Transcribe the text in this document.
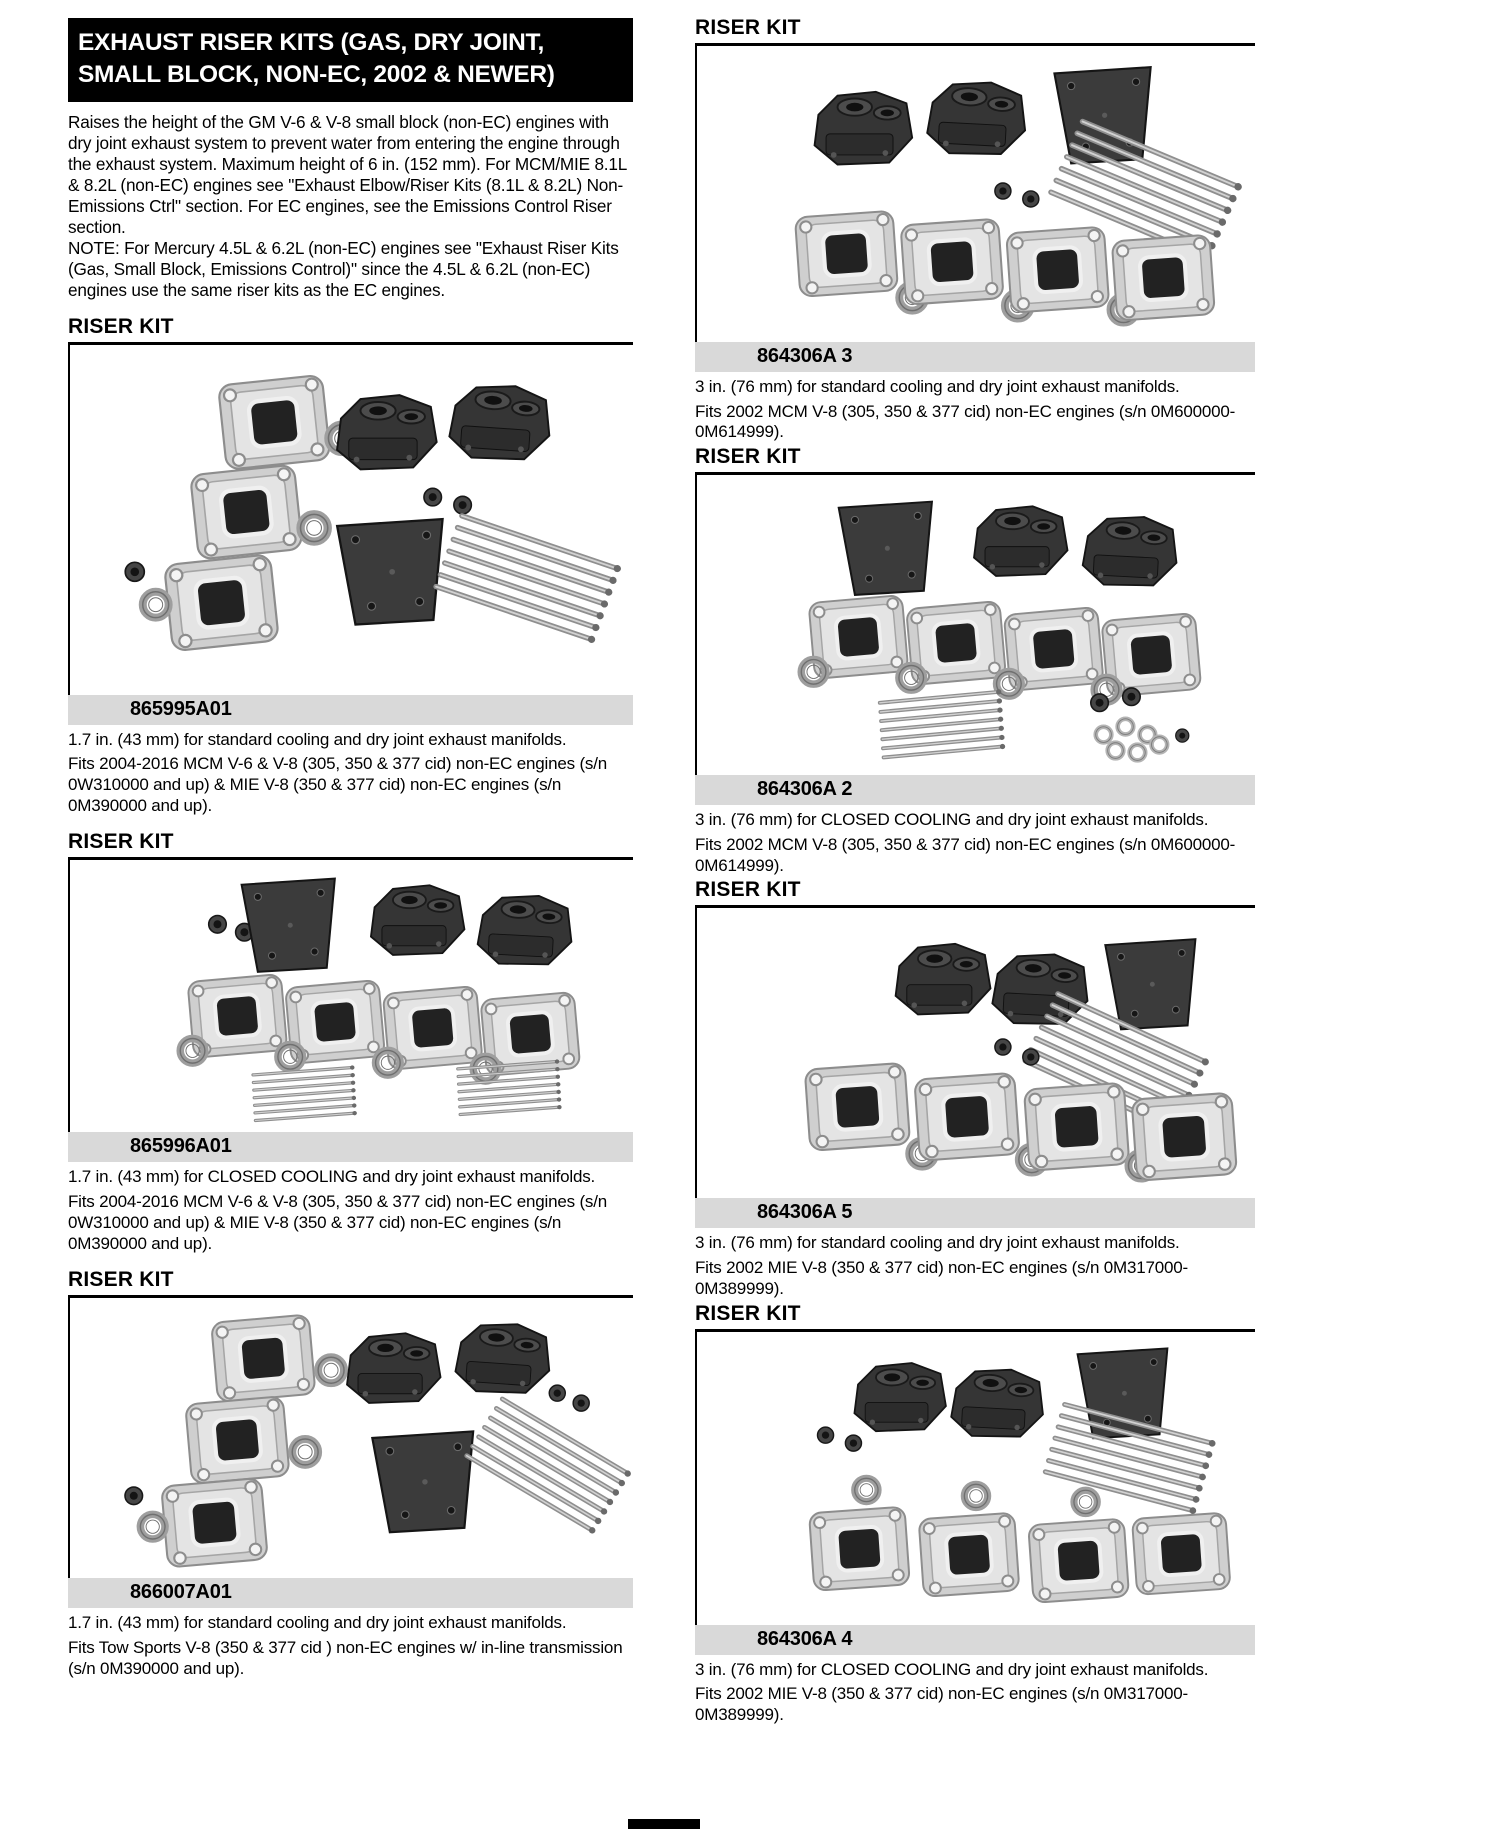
EXHAUST RISER KITS (GAS, DRY JOINT, SMALL BLOCK, NON-EC, 2002 & NEWER)

Raises the height of the GM V-6 & V-8 small block (non-EC) engines with dry joint exhaust system to prevent water from entering the engine through the exhaust system. Maximum height of 6 in. (152 mm). For MCM/MIE 8.1L & 8.2L (non-EC) engines see "Exhaust Elbow/Riser Kits (8.1L & 8.2L) Non-Emissions Ctrl" section. For EC engines, see the Emissions Control Riser section.

NOTE: For Mercury 4.5L & 6.2L (non-EC) engines see "Exhaust Riser Kits (Gas, Small Block, Emissions Control)" since the 4.5L & 6.2L (non-EC) engines use the same riser kits as the EC engines.

RISER KIT
865995A01

1.7 in. (43 mm) for standard cooling and dry joint exhaust manifolds.

Fits 2004-2016 MCM V-6 & V-8 (305, 350 & 377 cid) non-EC engines (s/n 0W310000 and up) & MIE V-8 (350 & 377 cid) non-EC engines (s/n 0M390000 and up).

RISER KIT
865996A01

1.7 in. (43 mm) for CLOSED COOLING and dry joint exhaust manifolds.

Fits 2004-2016 MCM V-6 & V-8 (305, 350 & 377 cid) non-EC engines (s/n 0W310000 and up) & MIE V-8 (350 & 377 cid) non-EC engines (s/n 0M390000 and up).

RISER KIT
866007A01

1.7 in. (43 mm) for standard cooling and dry joint exhaust manifolds.

Fits Tow Sports V-8 (350 & 377 cid ) non-EC engines w/ in-line transmission (s/n 0M390000 and up).

RISER KIT
864306A 3

3 in. (76 mm) for standard cooling and dry joint exhaust manifolds.

Fits 2002 MCM V-8 (305, 350 & 377 cid) non-EC engines (s/n 0M600000-0M614999).

RISER KIT
864306A 2

3 in. (76 mm) for CLOSED COOLING and dry joint exhaust manifolds.

Fits 2002 MCM V-8 (305, 350 & 377 cid) non-EC engines (s/n 0M600000-0M614999).

RISER KIT
864306A 5

3 in. (76 mm) for standard cooling and dry joint exhaust manifolds.

Fits 2002 MIE V-8 (350 & 377 cid) non-EC engines (s/n 0M317000-0M389999).

RISER KIT
864306A 4

3 in. (76 mm) for CLOSED COOLING and dry joint exhaust manifolds.

Fits 2002 MIE V-8 (350 & 377 cid) non-EC engines (s/n 0M317000-0M389999).
